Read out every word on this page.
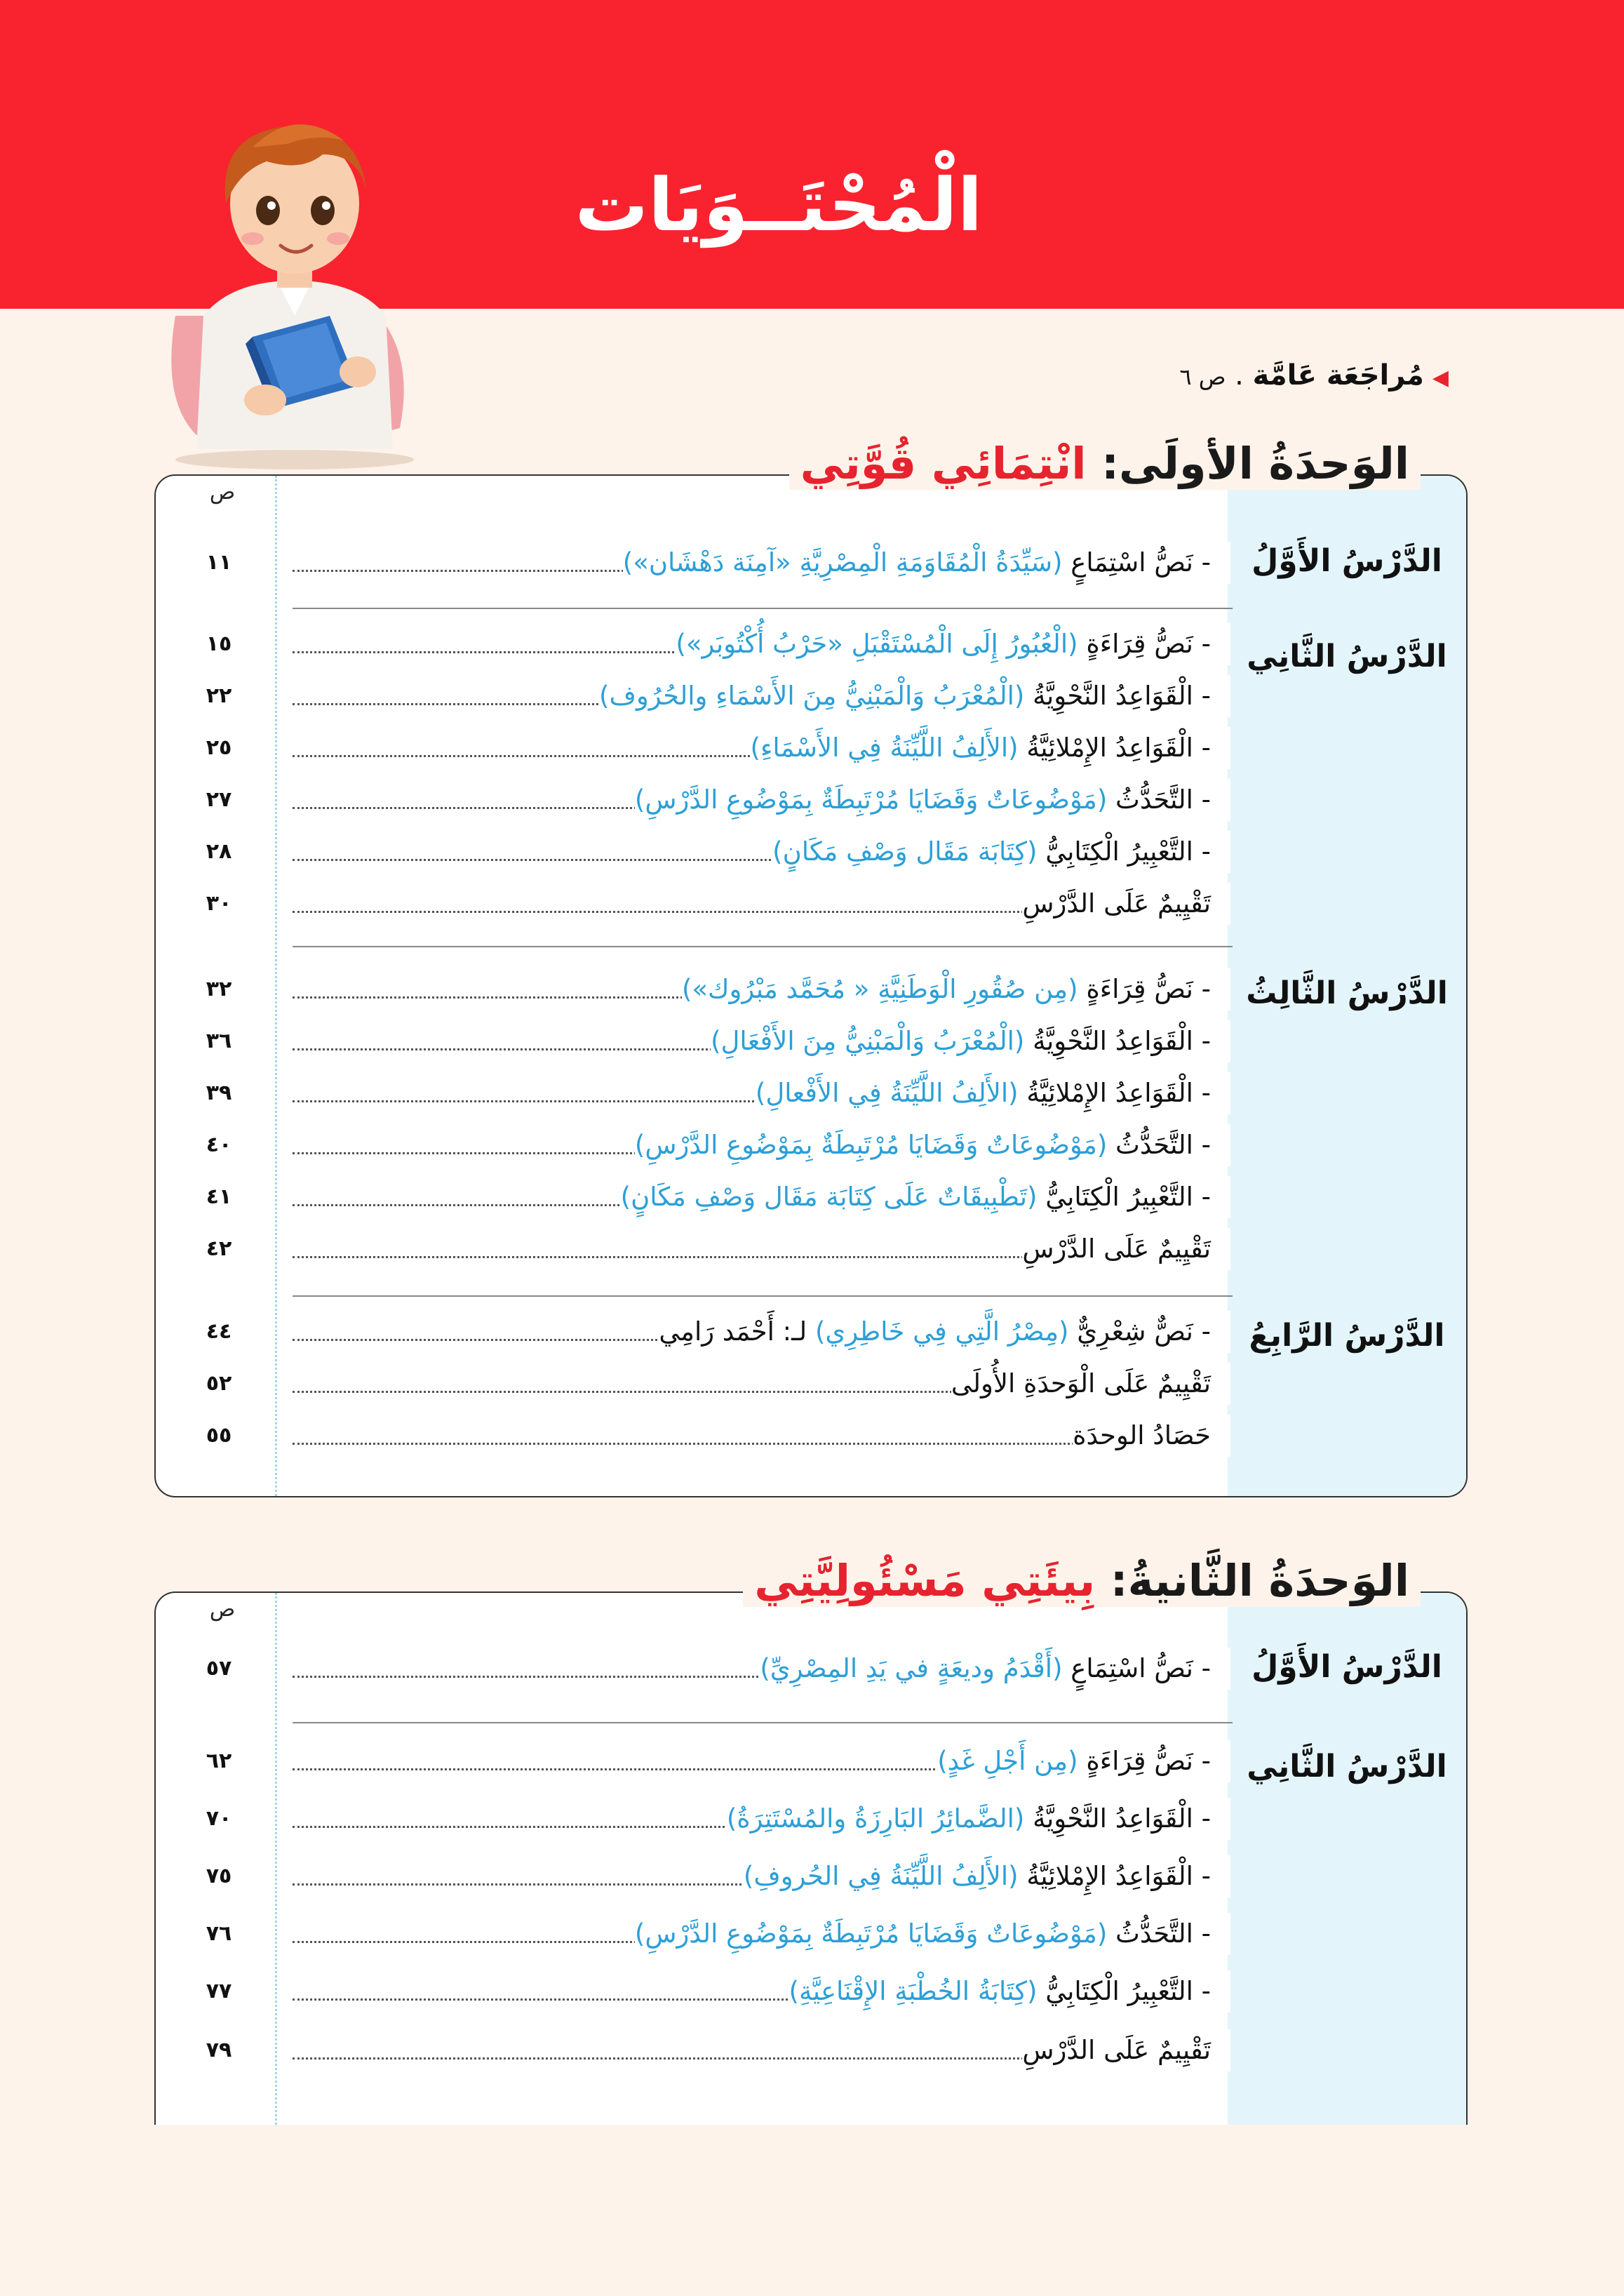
الْمُحْتَــوَيَات
◀مُراجَعَة عَامَّة . ص ٦
ص
الدَّرْسُ الأَوَّلُ
١١	- نَصُّ اسْتِمَاعٍ (سَيِّدَةُ الْمُقَاوَمَةِ الْمِصْرِيَّةِ «آمِنَة دَهْشَان»)
الدَّرْسُ الثَّانِي
١٥	- نَصُّ قِرَاءَةٍ (الْعُبُورُ إِلَى الْمُسْتَقْبَلِ «حَرْبُ أُكْتُوبَر»)
٢٢	- الْقَوَاعِدُ النَّحْوِيَّةُ (الْمُعْرَبُ وَالْمَبْنِيُّ مِنَ الأَسْمَاءِ والحُرُوف)
٢٥	- الْقَوَاعِدُ الإِمْلائِيَّةُ (الأَلِفُ اللَّيِّنَةُ فِي الأَسْمَاءِ)
٢٧	- التَّحَدُّثُ (مَوْضُوعَاتٌ وَقَضَايَا مُرْتَبِطَةٌ بِمَوْضُوعِ الدَّرْسِ)
٢٨	- التَّعْبِيرُ الْكِتَابِيُّ (كِتَابَة مَقَال وَصْفِ مَكَانٍ)
٣٠	تَقْيِيمٌ عَلَى الدَّرْسِ
الدَّرْسُ الثَّالِثُ
٣٢	- نَصُّ قِرَاءَةٍ (مِن صُقُورِ الْوَطَنِيَّةِ « مُحَمَّد مَبْرُوك»)
٣٦	- الْقَوَاعِدُ النَّحْوِيَّةُ (الْمُعْرَبُ وَالْمَبْنِيُّ مِنَ الأَفْعَالِ)
٣٩	- الْقَوَاعِدُ الإِمْلائِيَّةُ (الأَلِفُ اللَّيِّنَةُ فِي الأَفْعالِ)
٤٠	- التَّحَدُّثُ (مَوْضُوعَاتٌ وَقَضَايَا مُرْتَبِطَةٌ بِمَوْضُوعِ الدَّرْسِ)
٤١	- التَّعْبِيرُ الْكِتَابِيُّ (تَطْبِيقَاتٌ عَلَى كِتَابَة مَقَال وَصْفِ مَكَانٍ)
٤٢	تَقْيِيمٌ عَلَى الدَّرْسِ
الدَّرْسُ الرَّابِعُ
٤٤	- نَصٌّ شِعْرِيٌّ (مِصْرُ الَّتِي فِي خَاطِرِي) لـ: أَحْمَد رَامِي
٥٢	تَقْيِيمٌ عَلَى الْوَحدَةِ الأُولَى
٥٥	حَصَادُ الوحدَة
الوَحدَةُ الأولَى: انْتِمَائِي قُوَّتِي
ص
الدَّرْسُ الأَوَّلُ
٥٧	- نَصُّ اسْتِمَاعٍ (أَقْدَمُ وديعَةٍ في يَدِ المِصْرِيِّ)
الدَّرْسُ الثَّانِي
٦٢	- نَصُّ قِرَاءَةٍ (مِن أَجْلِ غَدٍ)
٧٠	- الْقَوَاعِدُ النَّحْوِيَّةُ (الضَّمائِرُ البَارِزَةُ والمُسْتَتِرَةُ)
٧٥	- الْقَوَاعِدُ الإِمْلائِيَّةُ (الأَلِفُ اللَّيِّنَةُ فِي الحُروفِ)
٧٦	- التَّحَدُّثُ (مَوْضُوعَاتٌ وَقَضَايَا مُرْتَبِطَةٌ بِمَوْضُوعِ الدَّرْسِ)
٧٧	- التَّعْبِيرُ الْكِتَابِيُّ (كِتَابَةُ الخُطْبَةِ الإِقْنَاعِيَّةِ)
٧٩	تَقْيِيمٌ عَلَى الدَّرْسِ
الوَحدَةُ الثَّانيةُ: بِيئَتِي مَسْئُولِيَّتِي
